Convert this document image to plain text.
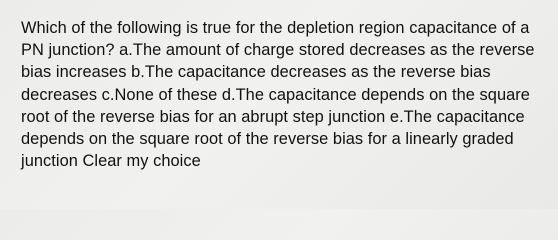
Which of the following is true for the depletion region capacitance of a PN junction? a.The amount of charge stored decreases as the reverse bias increases b.The capacitance decreases as the reverse bias decreases c.None of these d.The capacitance depends on the square root of the reverse bias for an abrupt step junction e.The capacitance depends on the square root of the reverse bias for a linearly graded junction Clear my choice
